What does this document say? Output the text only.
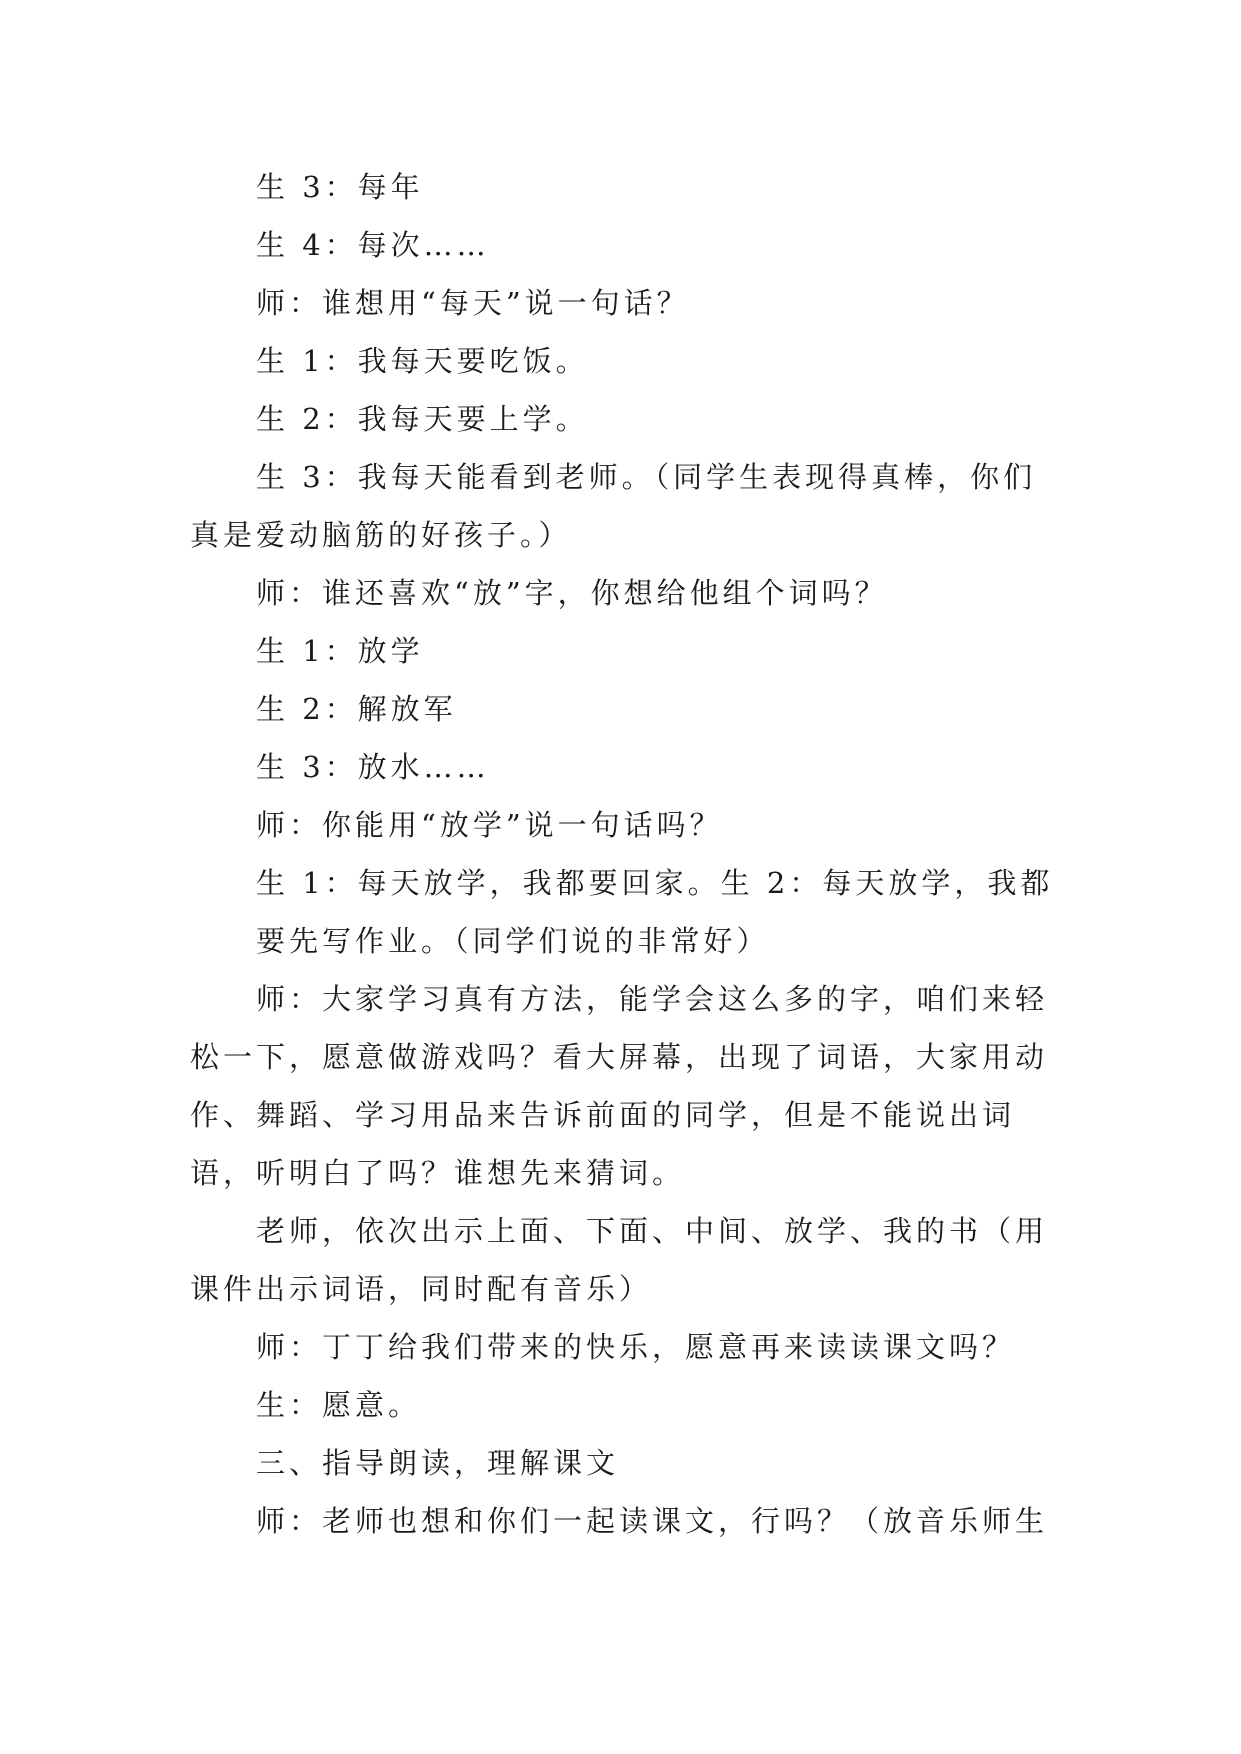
生 3：每年

生 4：每次……

师：谁想用“每天”说一句话？

生 1：我每天要吃饭。

生 2：我每天要上学。

生 3：我每天能看到老师。（同学生表现得真棒，你们真是爱动脑筋的好孩子。）

师：谁还喜欢“放”字，你想给他组个词吗？

生 1：放学

生 2：解放军

生 3：放水……

师：你能用“放学”说一句话吗？

生 1：每天放学，我都要回家。生 2：每天放学，我都要先写作业。（同学们说的非常好）

师：大家学习真有方法，能学会这么多的字，咱们来轻松一下，愿意做游戏吗？看大屏幕，出现了词语，大家用动作、舞蹈、学习用品来告诉前面的同学，但是不能说出词语，听明白了吗？谁想先来猜词。

老师，依次出示上面、下面、中间、放学、我的书（用课件出示词语，同时配有音乐）

师：丁丁给我们带来的快乐，愿意再来读读课文吗？

生：愿意。

三、指导朗读，理解课文

师：老师也想和你们一起读课文，行吗？（放音乐师生
